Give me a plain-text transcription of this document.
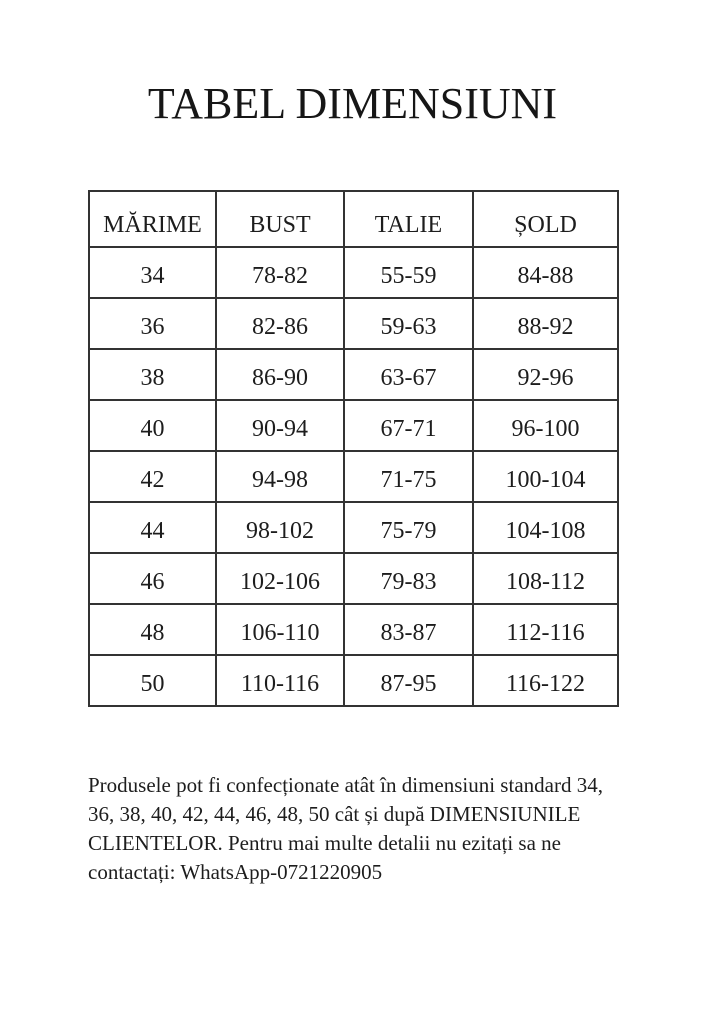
TABEL DIMENSIUNI
MĂRIME	BUST	TALIE	ȘOLD
34	78-82	55-59	84-88
36	82-86	59-63	88-92
38	86-90	63-67	92-96
40	90-94	67-71	96-100
42	94-98	71-75	100-104
44	98-102	75-79	104-108
46	102-106	79-83	108-112
48	106-110	83-87	112-116
50	110-116	87-95	116-122
Produsele pot fi confecționate atât în dimensiuni standard 34,
36, 38, 40, 42, 44, 46, 48, 50 cât și după DIMENSIUNILE
CLIENTELOR. Pentru mai multe detalii nu ezitați sa ne
contactați: WhatsApp-0721220905
